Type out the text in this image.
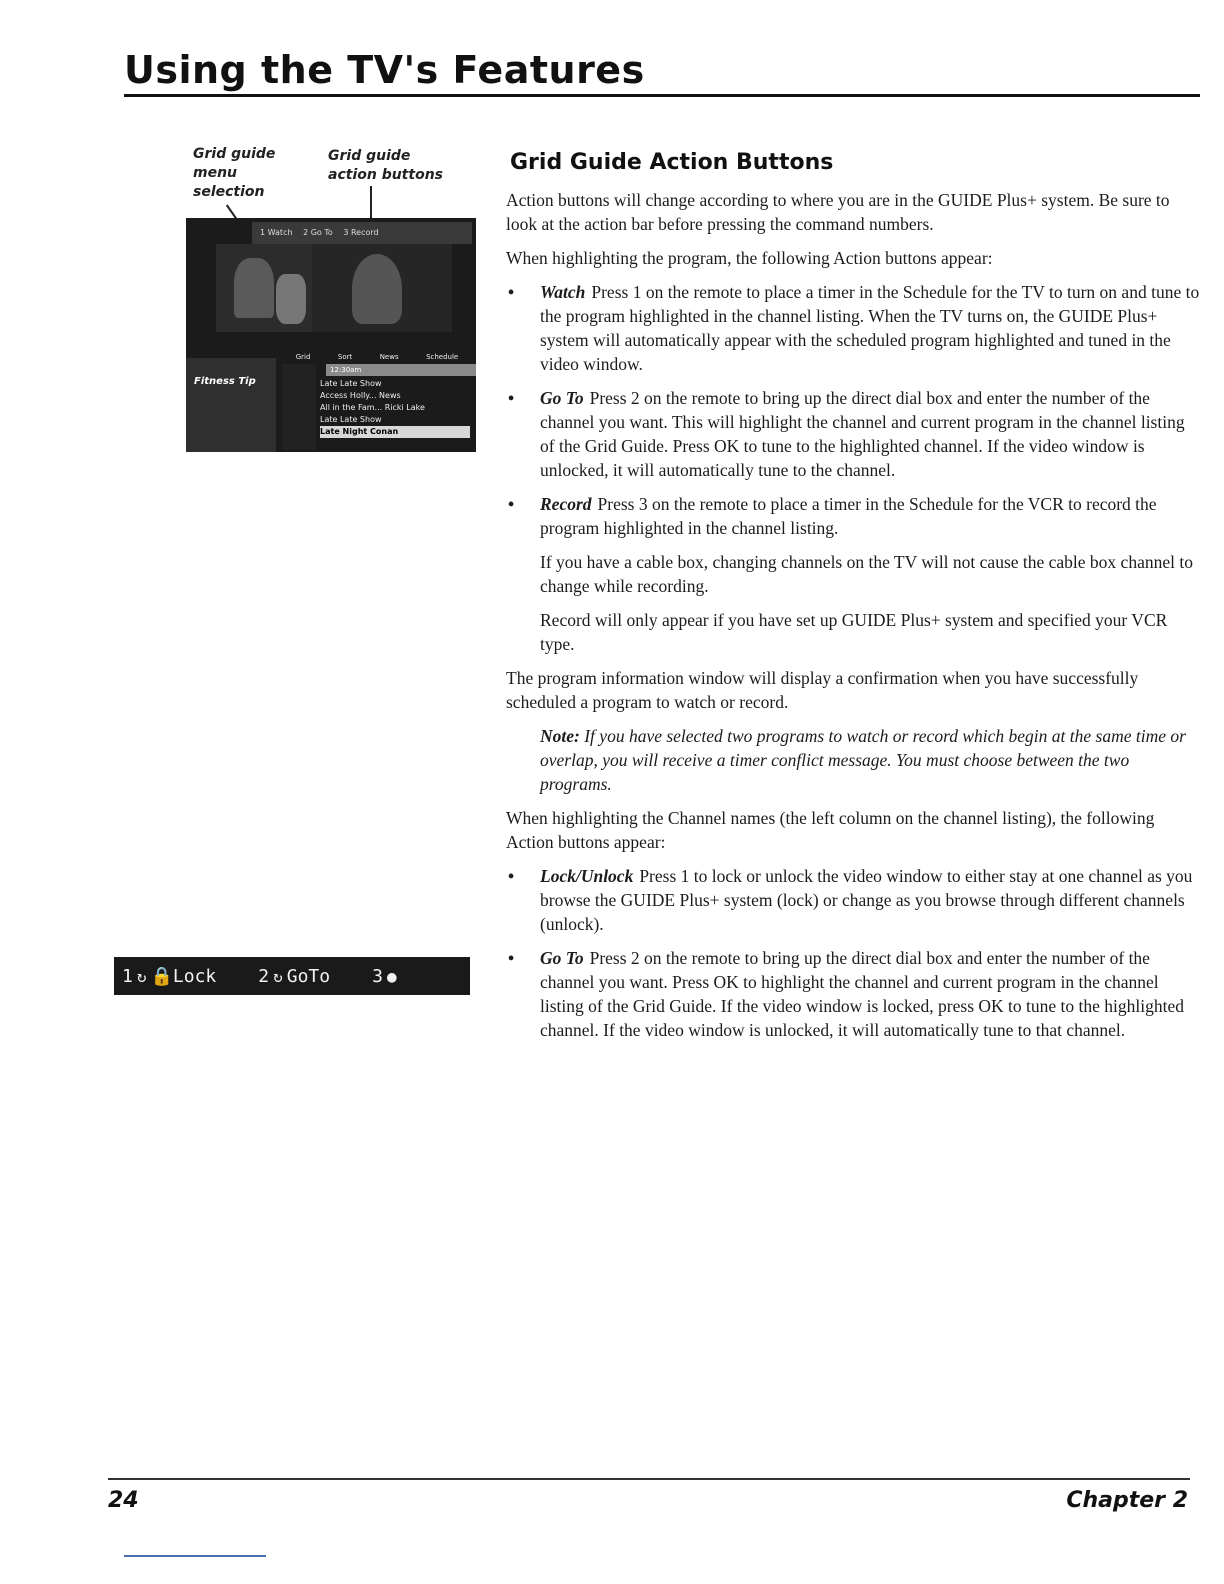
Using the TV's Features
Grid guide
menu
selection
Grid guide
action buttons
1 Watch 2 Go To 3 Record
Fitness Tip
Grid	Sort	News	Schedule
12:30am
Late Late Show
Access Holly... News
All in the Fam... Ricki Lake
Late Late Show
Late Night Conan
1 ↻ 🔒Lock 2 ↻ GoTo 3 ●
Grid Guide Action Buttons

Action buttons will change according to where you are in the GUIDE Plus+ system. Be sure to look at the action bar before pressing the command numbers.

When highlighting the program, the following Action buttons appear:

• Watch Press 1 on the remote to place a timer in the Schedule for the TV to turn on and tune to the program highlighted in the channel listing. When the TV turns on, the GUIDE Plus+ system will automatically appear with the scheduled program highlighted and tuned in the video window.
• Go To Press 2 on the remote to bring up the direct dial box and enter the number of the channel you want. This will highlight the channel and current program in the channel listing of the Grid Guide. Press OK to tune to the highlighted channel. If the video window is unlocked, it will automatically tune to the channel.
• Record Press 3 on the remote to place a timer in the Schedule for the VCR to record the program highlighted in the channel listing.

If you have a cable box, changing channels on the TV will not cause the cable box channel to change while recording.

Record will only appear if you have set up GUIDE Plus+ system and specified your VCR type.

The program information window will display a confirmation when you have successfully scheduled a program to watch or record.

Note: If you have selected two programs to watch or record which begin at the same time or overlap, you will receive a timer conflict message. You must choose between the two programs.

When highlighting the Channel names (the left column on the channel listing), the following Action buttons appear:

• Lock/Unlock Press 1 to lock or unlock the video window to either stay at one channel as you browse the GUIDE Plus+ system (lock) or change as you browse through different channels (unlock).
• Go To Press 2 on the remote to bring up the direct dial box and enter the number of the channel you want. Press OK to highlight the channel and current program in the channel listing of the Grid Guide. If the video window is locked, press OK to tune to the highlighted channel. If the video window is unlocked, it will automatically tune to that channel.
24	Chapter 2
